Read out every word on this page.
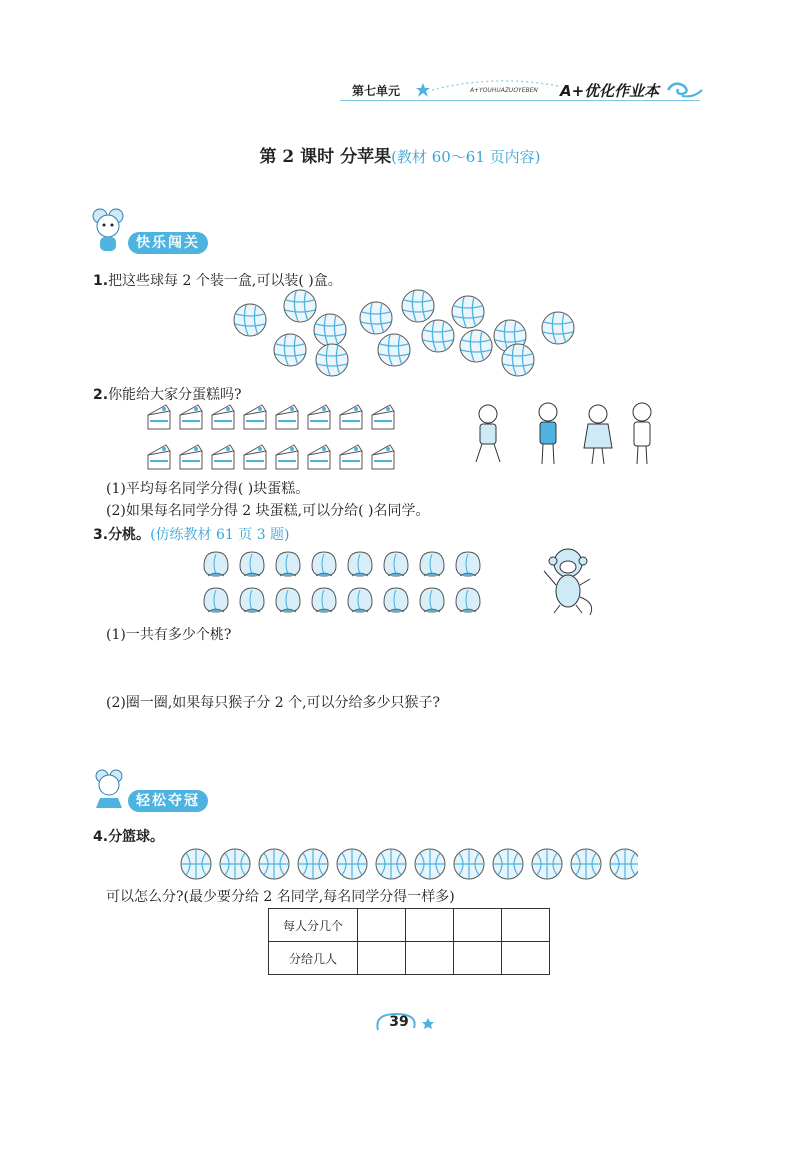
第七单元	A+YOUHUAZUOYEBEN A+优化作业本
第 2 课时 分苹果(教材 60～61 页内容)
快乐闯关
1.把这些球每 2 个装一盒,可以装( )盒。
2.你能给大家分蛋糕吗?
(1)平均每名同学分得( )块蛋糕。
(2)如果每名同学分得 2 块蛋糕,可以分给( )名同学。
3.分桃。(仿练教材 61 页 3 题)
(1)一共有多少个桃?
(2)圈一圈,如果每只猴子分 2 个,可以分给多少只猴子?
轻松夺冠
4.分篮球。
可以怎么分?(最少要分给 2 名同学,每名同学分得一样多)
每人分几个				
分给几人				
39
